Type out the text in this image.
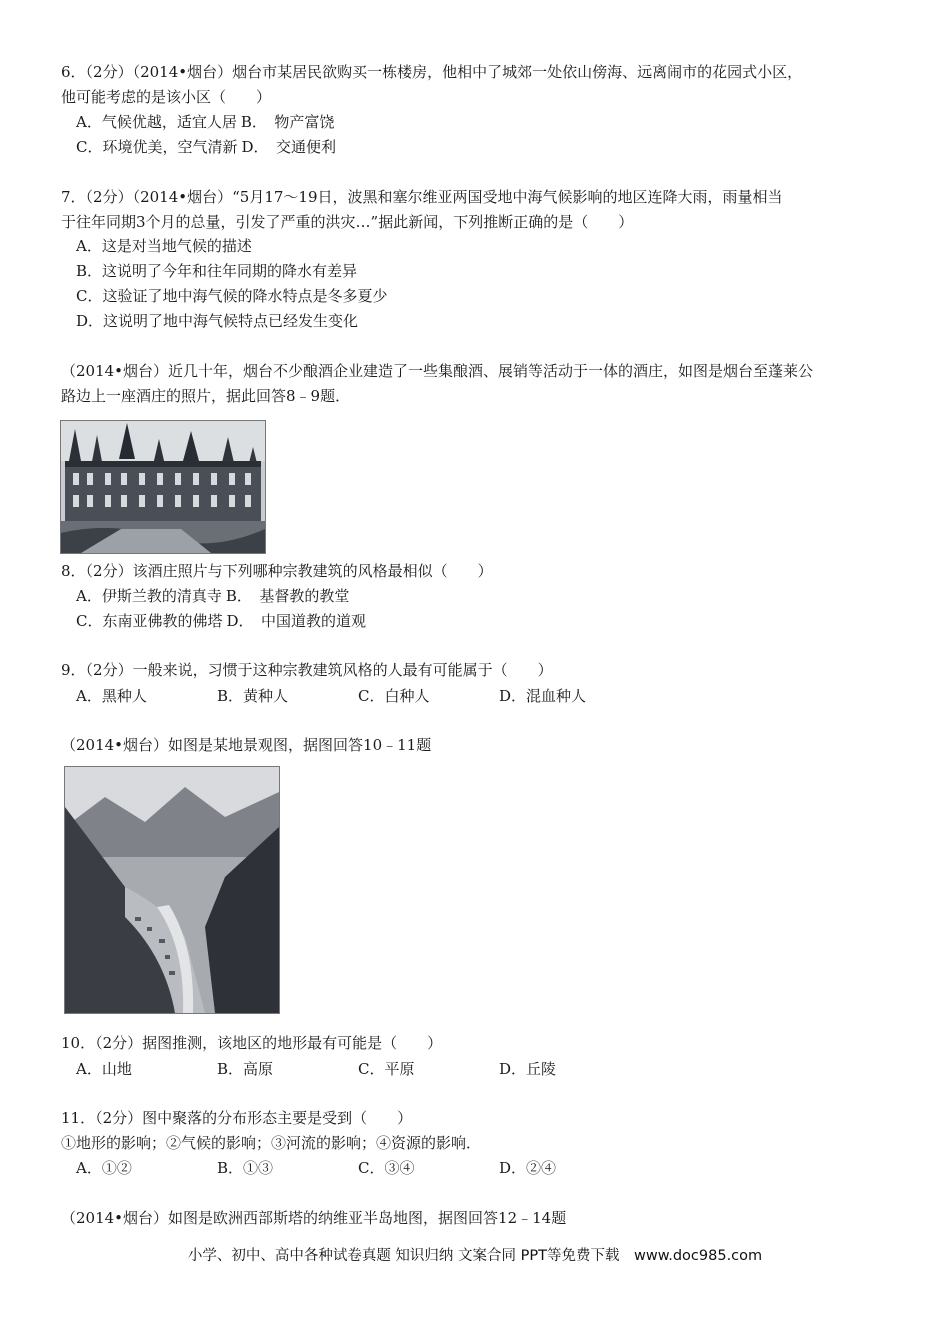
6．（2分）（2014•烟台）烟台市某居民欲购买一栋楼房，他相中了城郊一处依山傍海、远离闹市的花园式小区，
他可能考虑的是该小区（　　）
A．气候优越，适宜人居 B．　物产富饶
C．环境优美，空气清新 D．　交通便利
7．（2分）（2014•烟台）“5月17～19日，波黑和塞尔维亚两国受地中海气候影响的地区连降大雨，雨量相当
于往年同期3个月的总量，引发了严重的洪灾…”据此新闻，下列推断正确的是（　　）
A．这是对当地气候的描述
B．这说明了今年和往年同期的降水有差异
C．这验证了地中海气候的降水特点是冬多夏少
D．这说明了地中海气候特点已经发生变化
（2014•烟台）近几十年，烟台不少酿酒企业建造了一些集酿酒、展销等活动于一体的酒庄，如图是烟台至蓬莱公
路边上一座酒庄的照片，据此回答8﹣9题．
8．（2分）该酒庄照片与下列哪种宗教建筑的风格最相似（　　）
A．伊斯兰教的清真寺 B．　基督教的教堂
C．东南亚佛教的佛塔 D．　中国道教的道观
9．（2分）一般来说，习惯于这种宗教建筑风格的人最有可能属于（　　）
A．黑种人	B．黄种人	C．白种人	D．混血种人
（2014•烟台）如图是某地景观图，据图回答10﹣11题
10．（2分）据图推测，该地区的地形最有可能是（　　）
A．山地	B．高原	C．平原	D．丘陵
11．（2分）图中聚落的分布形态主要是受到（　　）
①地形的影响；②气候的影响；③河流的影响；④资源的影响．
A．①②	B．①③	C．③④	D．②④
（2014•烟台）如图是欧洲西部斯塔的纳维亚半岛地图，据图回答12﹣14题
小学、初中、高中各种试卷真题 知识归纳 文案合同 PPT等免费下载　www.doc985.com
